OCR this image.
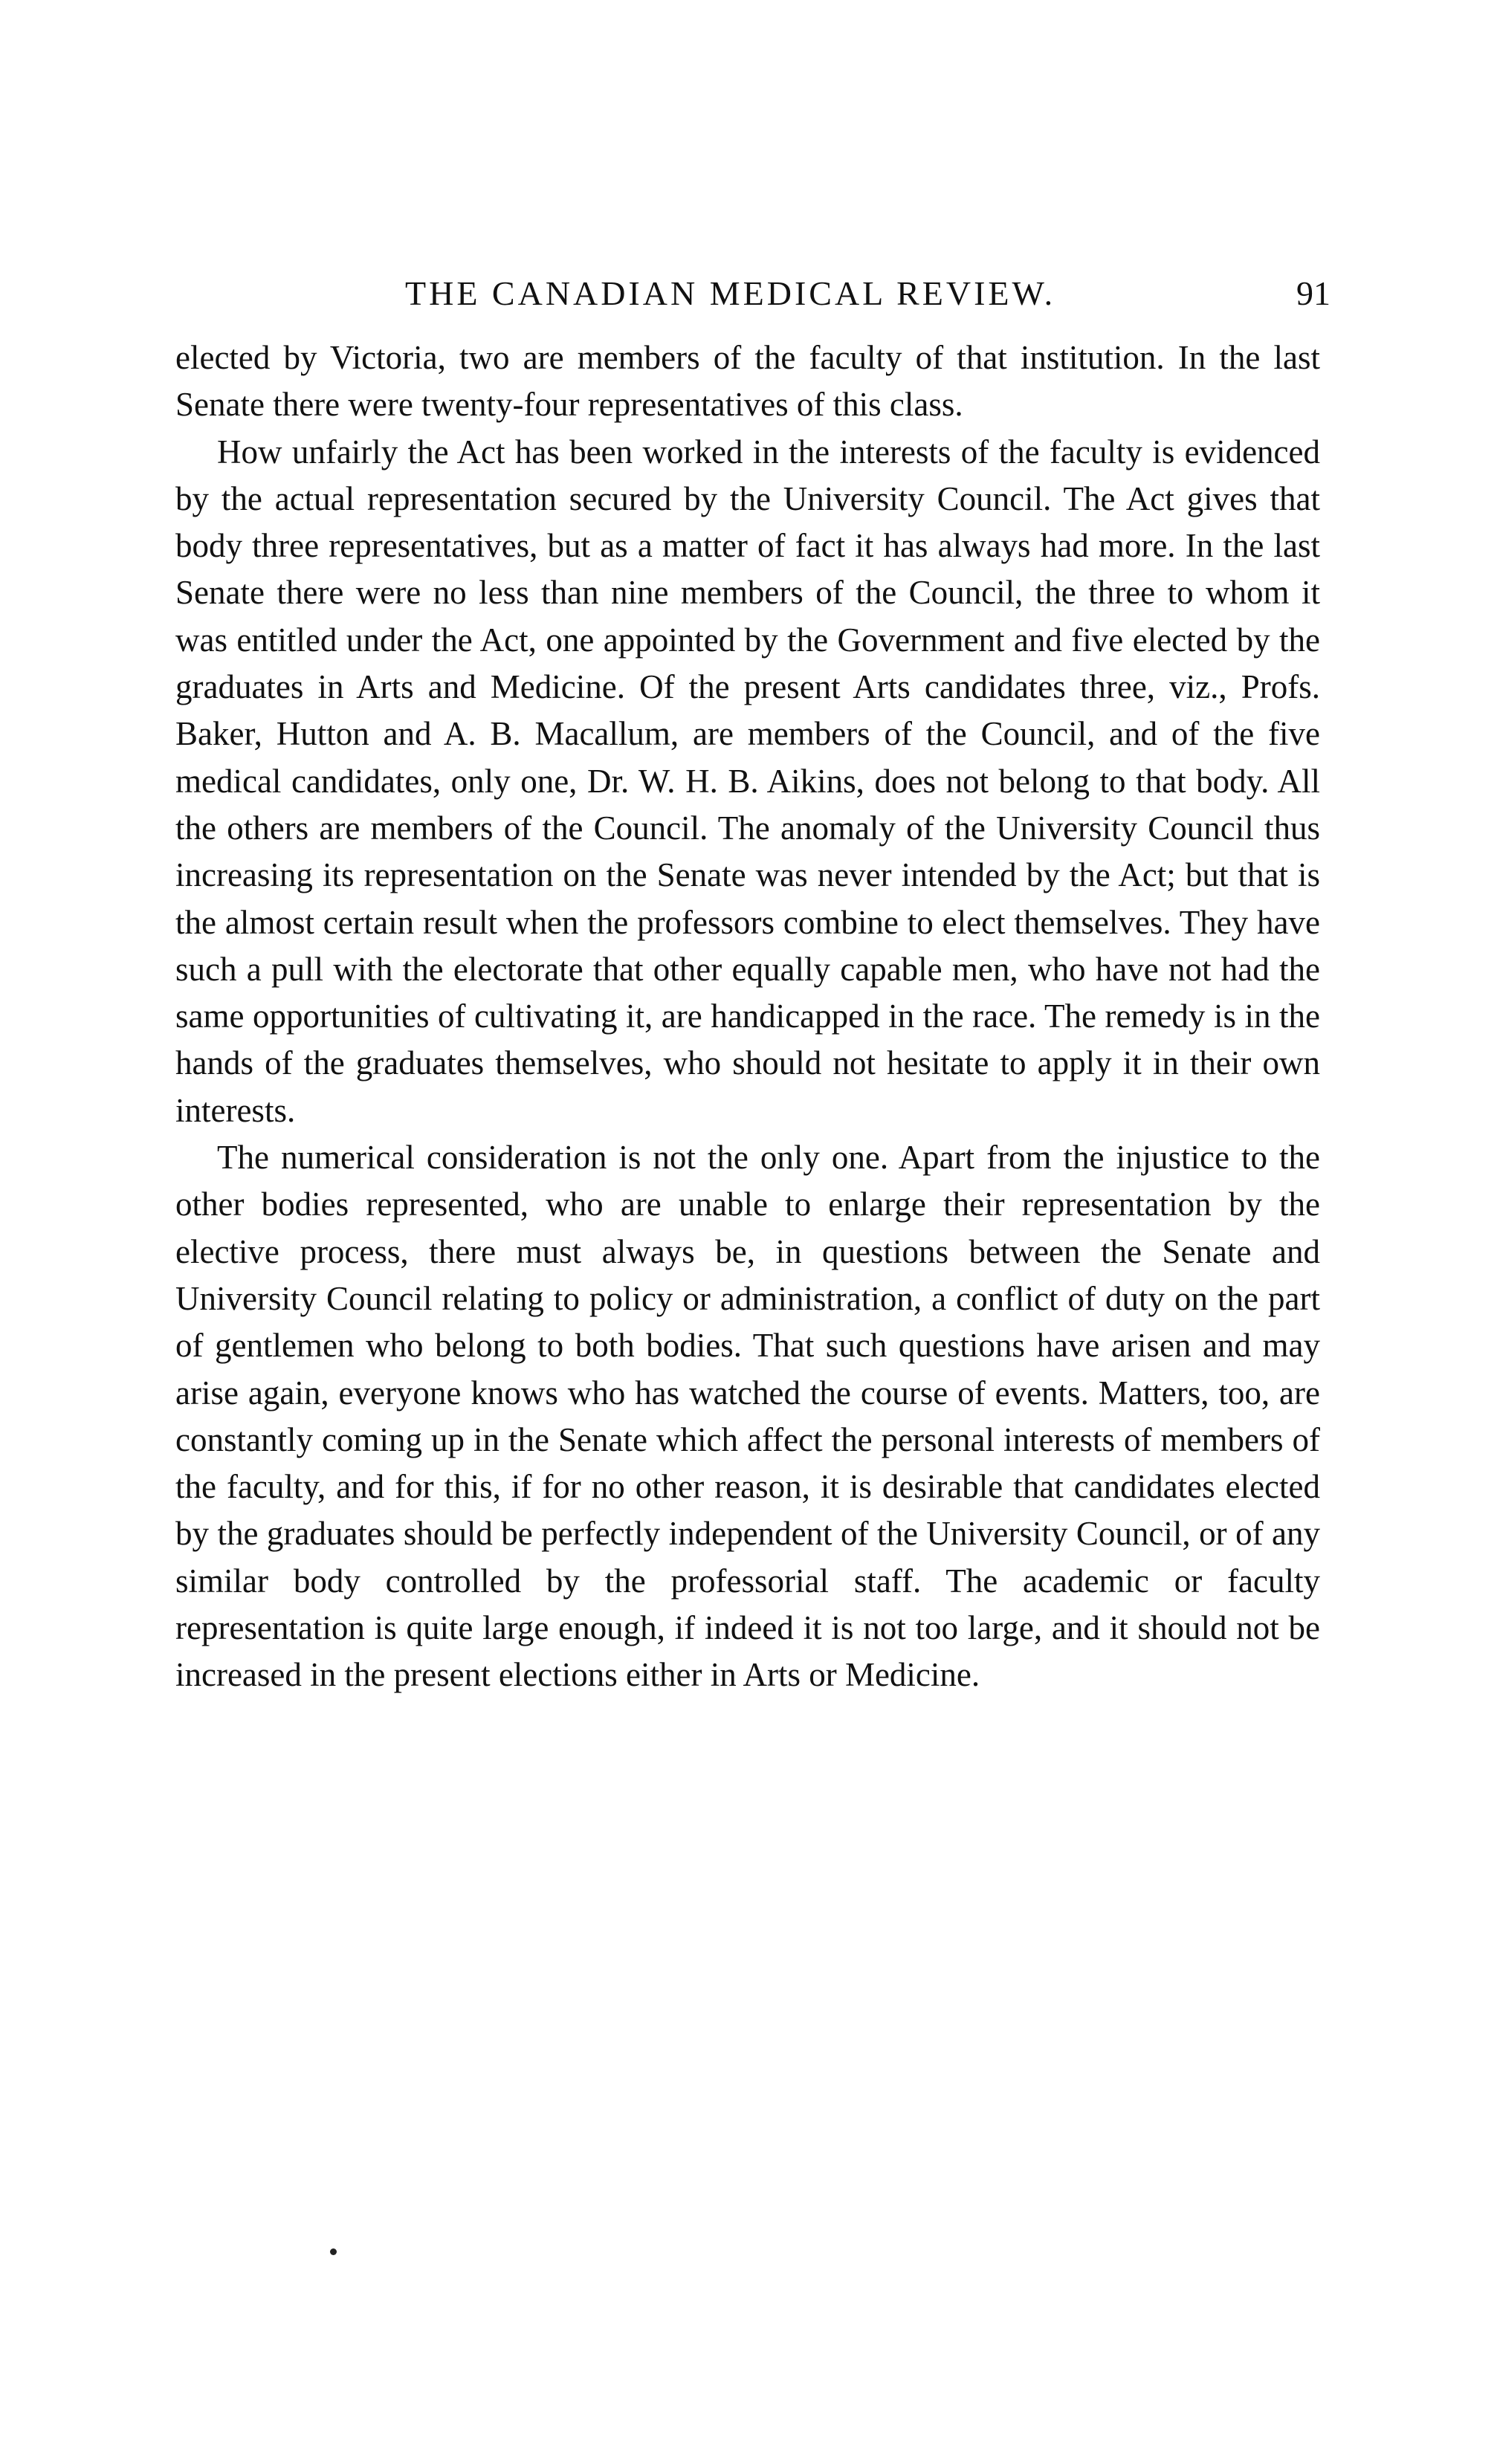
THE CANADIAN MEDICAL REVIEW.	91

elected by Victoria, two are members of the faculty of that institution. In the last Senate there were twenty-four representatives of this class.

How unfairly the Act has been worked in the interests of the faculty is evidenced by the actual representation secured by the University Council. The Act gives that body three representatives, but as a matter of fact it has always had more. In the last Senate there were no less than nine members of the Council, the three to whom it was entitled under the Act, one appointed by the Government and five elected by the graduates in Arts and Medicine. Of the present Arts candidates three, viz., Profs. Baker, Hutton and A. B. Macallum, are members of the Council, and of the five medical candidates, only one, Dr. W. H. B. Aikins, does not belong to that body. All the others are members of the Council. The anomaly of the University Council thus increasing its representation on the Senate was never intended by the Act; but that is the almost certain result when the professors combine to elect themselves. They have such a pull with the electorate that other equally capable men, who have not had the same opportunities of cultivating it, are handicapped in the race. The remedy is in the hands of the graduates themselves, who should not hesitate to apply it in their own interests.

The numerical consideration is not the only one. Apart from the injustice to the other bodies represented, who are unable to enlarge their representation by the elective process, there must always be, in questions between the Senate and University Council relating to policy or administration, a conflict of duty on the part of gentlemen who belong to both bodies. That such questions have arisen and may arise again, everyone knows who has watched the course of events. Matters, too, are constantly coming up in the Senate which affect the personal interests of members of the faculty, and for this, if for no other reason, it is desirable that candidates elected by the graduates should be perfectly independent of the University Council, or of any similar body controlled by the professorial staff. The academic or faculty representation is quite large enough, if indeed it is not too large, and it should not be increased in the present elections either in Arts or Medicine.
